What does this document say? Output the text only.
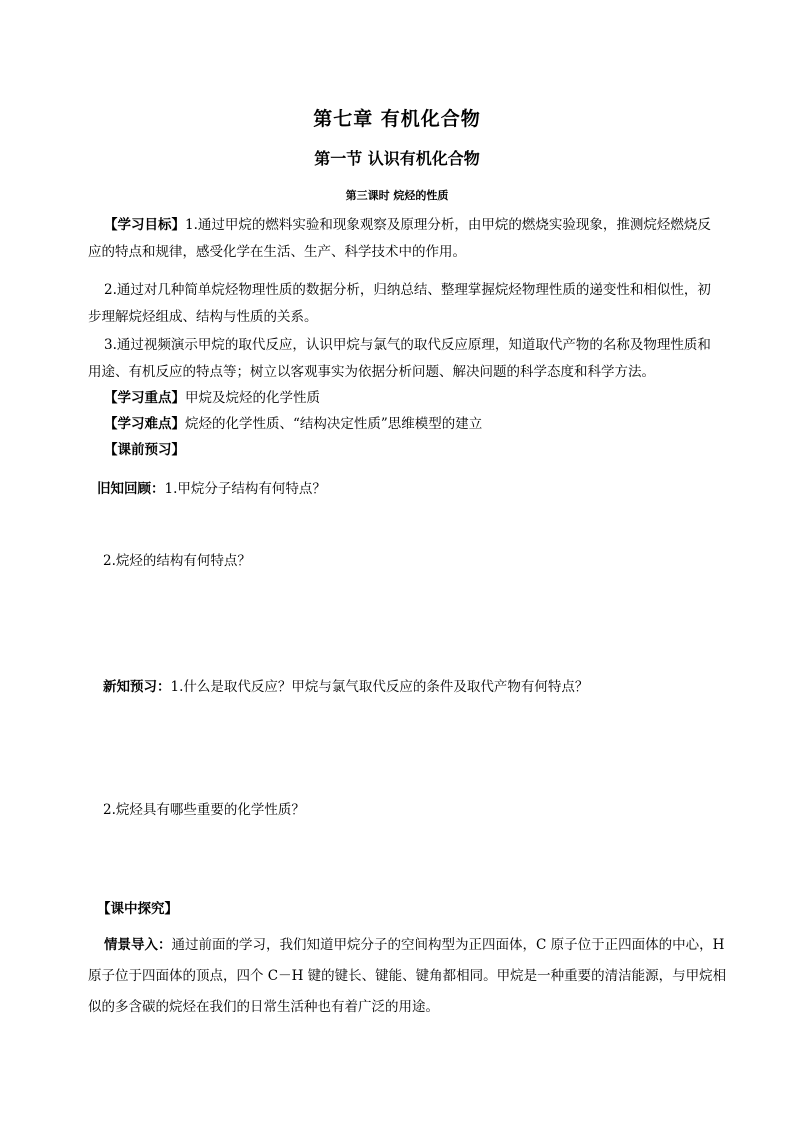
第七章 有机化合物
第一节 认识有机化合物
第三课时 烷烃的性质
【学习目标】1.通过甲烷的燃料实验和现象观察及原理分析，由甲烷的燃烧实验现象，推测烷烃燃烧反应的特点和规律，感受化学在生活、生产、科学技术中的作用。
2.通过对几种简单烷烃物理性质的数据分析，归纳总结、整理掌握烷烃物理性质的递变性和相似性，初步理解烷烃组成、结构与性质的关系。
3.通过视频演示甲烷的取代反应，认识甲烷与氯气的取代反应原理，知道取代产物的名称及物理性质和用途、有机反应的特点等；树立以客观事实为依据分析问题、解决问题的科学态度和科学方法。
【学习重点】甲烷及烷烃的化学性质
【学习难点】烷烃的化学性质、“结构决定性质”思维模型的建立
【课前预习】
旧知回顾：1.甲烷分子结构有何特点？
2.烷烃的结构有何特点？
新知预习：1.什么是取代反应？甲烷与氯气取代反应的条件及取代产物有何特点？
2.烷烃具有哪些重要的化学性质？
【课中探究】
情景导入：通过前面的学习，我们知道甲烷分子的空间构型为正四面体，C 原子位于正四面体的中心，H 原子位于四面体的顶点，四个 C－H 键的键长、键能、键角都相同。甲烷是一种重要的清洁能源，与甲烷相似的多含碳的烷烃在我们的日常生活种也有着广泛的用途。
